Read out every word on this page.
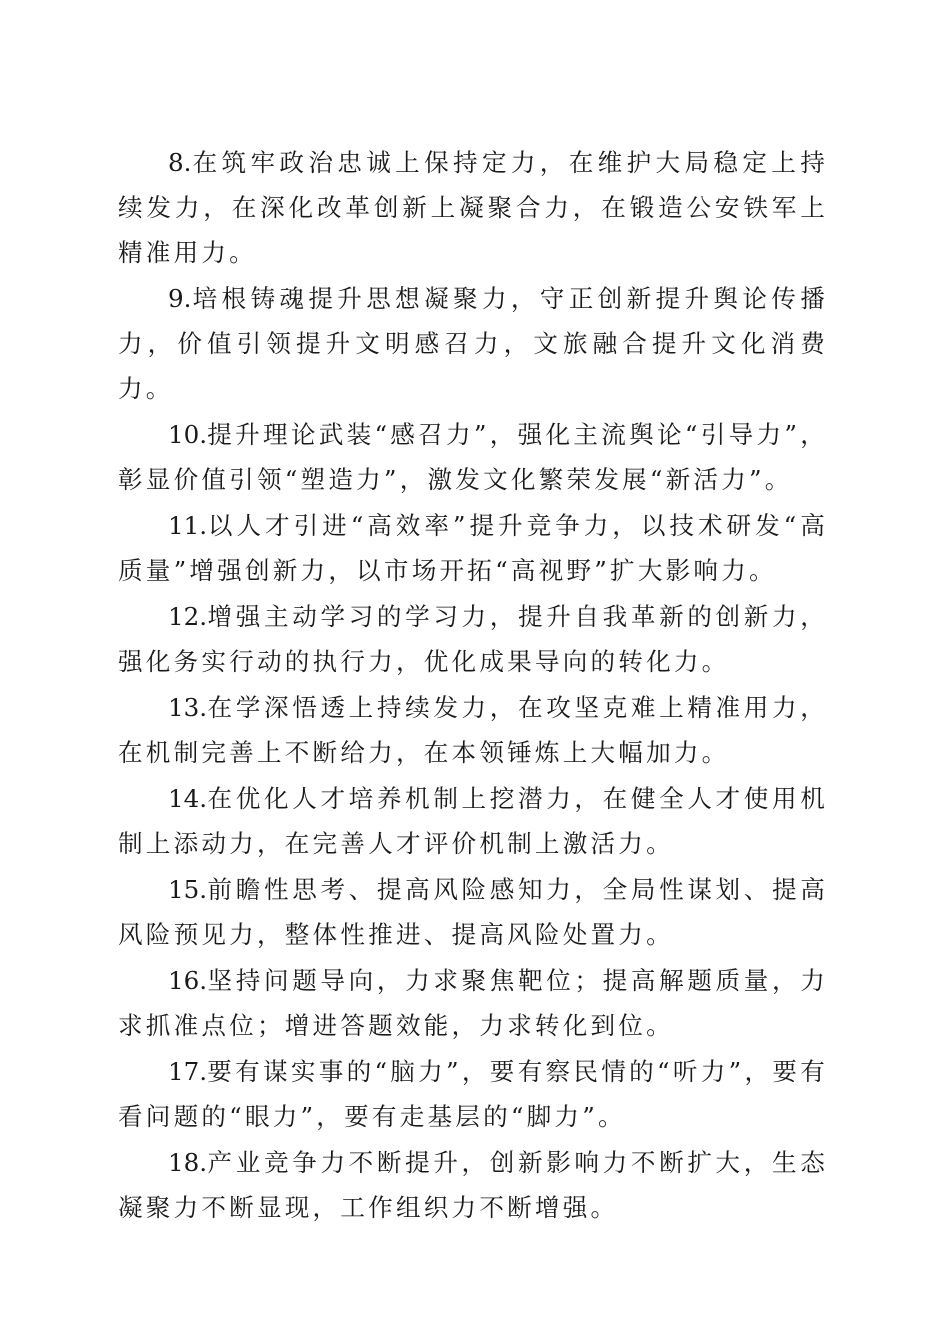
8.在筑牢政治忠诚上保持定力，在维护大局稳定上持续发力，在深化改革创新上凝聚合力，在锻造公安铁军上精准用力。

9.培根铸魂提升思想凝聚力，守正创新提升舆论传播力，价值引领提升文明感召力，文旅融合提升文化消费力。

10.提升理论武装“感召力”，强化主流舆论“引导力”，彰显价值引领“塑造力”，激发文化繁荣发展“新活力”。

11.以人才引进“高效率”提升竞争力，以技术研发“高质量”增强创新力，以市场开拓“高视野”扩大影响力。

12.增强主动学习的学习力，提升自我革新的创新力，强化务实行动的执行力，优化成果导向的转化力。

13.在学深悟透上持续发力，在攻坚克难上精准用力，在机制完善上不断给力，在本领锤炼上大幅加力。

14.在优化人才培养机制上挖潜力，在健全人才使用机制上添动力，在完善人才评价机制上激活力。

15.前瞻性思考、提高风险感知力，全局性谋划、提高风险预见力，整体性推进、提高风险处置力。

16.坚持问题导向，力求聚焦靶位；提高解题质量，力求抓准点位；增进答题效能，力求转化到位。

17.要有谋实事的“脑力”，要有察民情的“听力”，要有看问题的“眼力”，要有走基层的“脚力”。

18.产业竞争力不断提升，创新影响力不断扩大，生态凝聚力不断显现，工作组织力不断增强。
